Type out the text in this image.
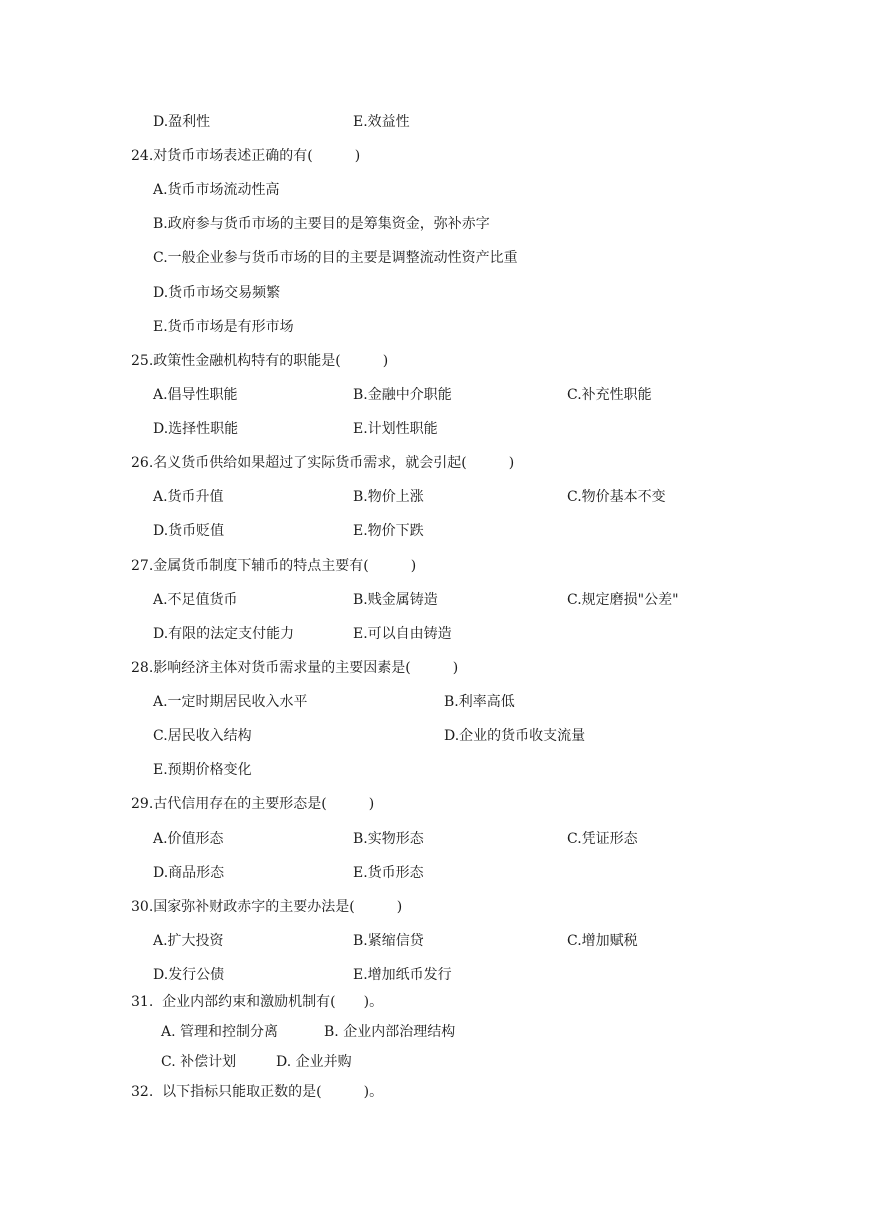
D.盈利性	E.效益性
24.对货币市场表述正确的有(　　　)
A.货币市场流动性高
B.政府参与货币市场的主要目的是筹集资金，弥补赤字
C.一般企业参与货币市场的目的主要是调整流动性资产比重
D.货币市场交易频繁
E.货币市场是有形市场
25.政策性金融机构特有的职能是(　　　)
A.倡导性职能	B.金融中介职能	C.补充性职能
D.选择性职能	E.计划性职能
26.名义货币供给如果超过了实际货币需求，就会引起(　　　)
A.货币升值	B.物价上涨	C.物价基本不变
D.货币贬值	E.物价下跌
27.金属货币制度下辅币的特点主要有(　　　)
A.不足值货币	B.贱金属铸造	C.规定磨损"公差"
D.有限的法定支付能力	E.可以自由铸造
28.影响经济主体对货币需求量的主要因素是(　　　)
A.一定时期居民收入水平	B.利率高低
C.居民收入结构	D.企业的货币收支流量
E.预期价格变化
29.古代信用存在的主要形态是(　　　)
A.价值形态	B.实物形态	C.凭证形态
D.商品形态	E.货币形态
30.国家弥补财政赤字的主要办法是(　　　)
A.扩大投资	B.紧缩信贷	C.增加赋税
D.发行公债	E.增加纸币发行
31.  企业内部约束和激励机制有(　　)。
A. 管理和控制分离	B. 企业内部治理结构
C. 补偿计划	D. 企业并购
32.  以下指标只能取正数的是(　　　)。
